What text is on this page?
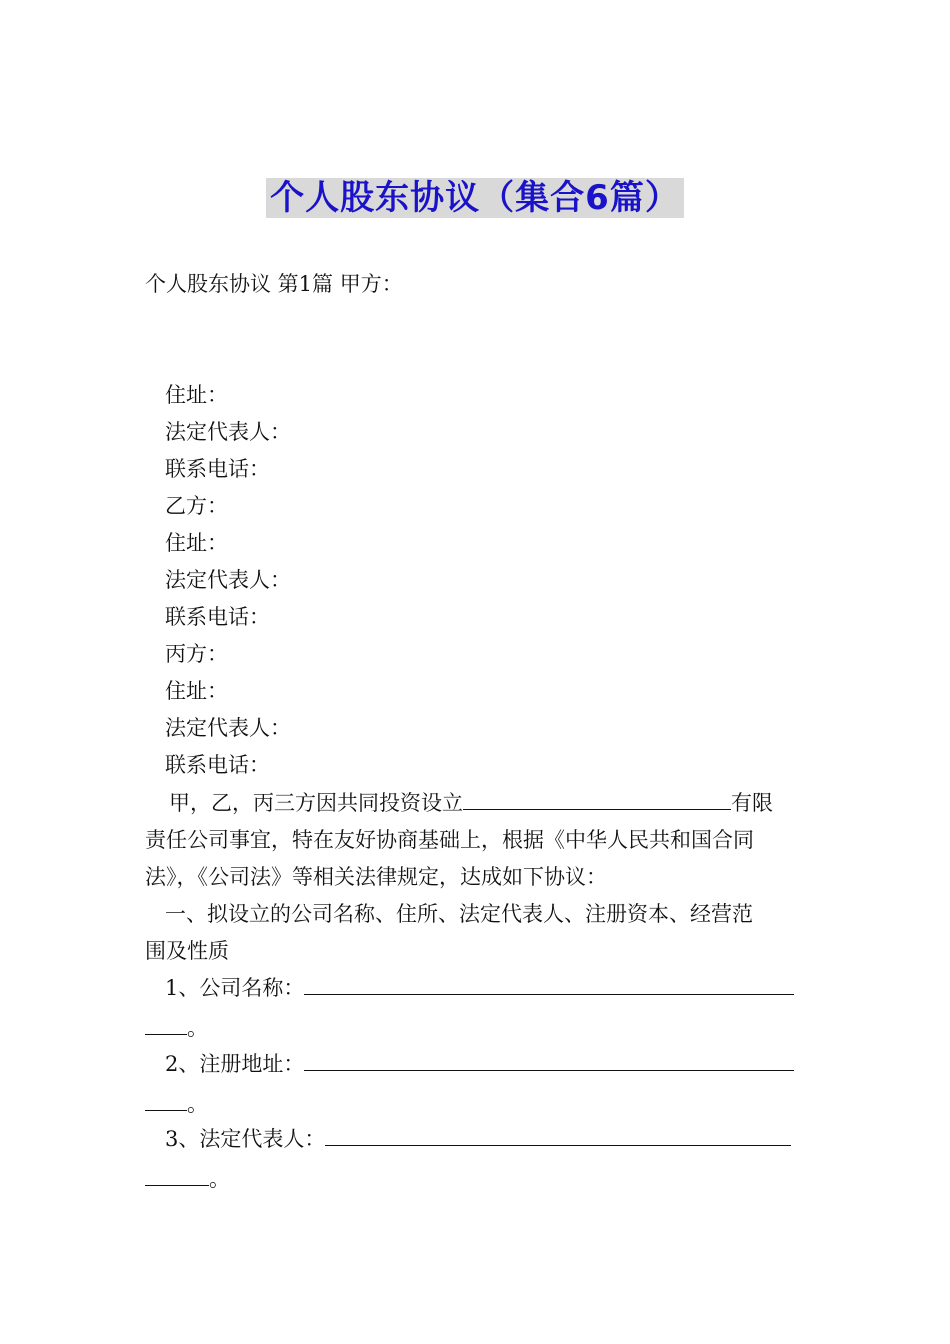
个人股东协议（集合6篇）
个人股东协议 第1篇 甲方：
住址：
法定代表人：
联系电话：
乙方：
住址：
法定代表人：
联系电话：
丙方：
住址：
法定代表人：
联系电话：
甲，乙，丙三方因共同投资设立	有限
责任公司事宜，特在友好协商基础上，根据《中华人民共和国合同
法》，《公司法》等相关法律规定，达成如下协议：
一、拟设立的公司名称、住所、法定代表人、注册资本、经营范
围及性质
1、公司名称：
。
2、注册地址：
。
3、法定代表人：
。
